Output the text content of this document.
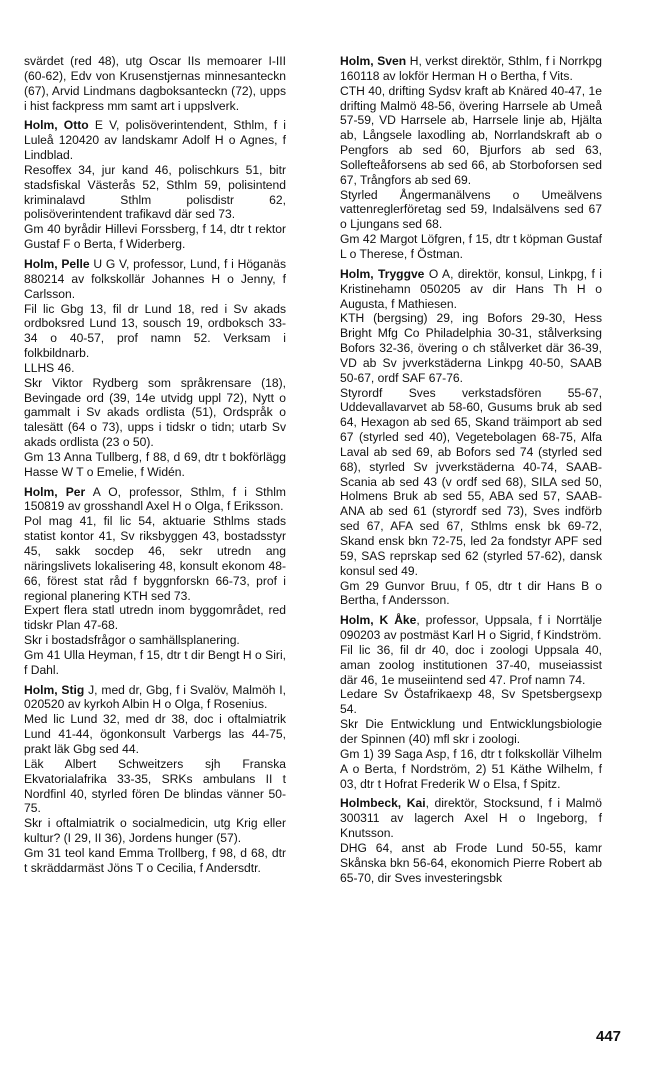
svärdet (red 48), utg Oscar IIs memoarer I-III (60-62), Edv von Krusenstjernas minnesanteckn (67), Arvid Lindmans dagboksanteckn (72), upps i hist fackpress mm samt art i uppslverk.
Holm, Otto E V, polisöverintendent, Sthlm, f i Luleå 120420 av landskamr Adolf H o Agnes, f Lindblad.
Resoffex 34, jur kand 46, polischkurs 51, bitr stadsfiskal Västerås 52, Sthlm 59, polisintend kriminalavd Sthlm polisdistr 62, polisöverintendent trafikavd där sed 73.
Gm 40 byrådir Hillevi Forssberg, f 14, dtr t rektor Gustaf F o Berta, f Widerberg.
Holm, Pelle U G V, professor, Lund, f i Höganäs 880214 av folkskollär Johannes H o Jenny, f Carlsson.
Fil lic Gbg 13, fil dr Lund 18, red i Sv akads ordboksred Lund 13, sousch 19, ordboksch 33-34 o 40-57, prof namn 52. Verksam i folkbildnarb.
LLHS 46.
Skr Viktor Rydberg som språkrensare (18), Bevingade ord (39, 14e utvidg uppl 72), Nytt o gammalt i Sv akads ordlista (51), Ordspråk o talesätt (64 o 73), upps i tidskr o tidn; utarb Sv akads ordlista (23 o 50).
Gm 13 Anna Tullberg, f 88, d 69, dtr t bokförlägg Hasse W T o Emelie, f Widén.
Holm, Per A O, professor, Sthlm, f i Sthlm 150819 av grosshandl Axel H o Olga, f Eriksson.
Pol mag 41, fil lic 54, aktuarie Sthlms stads statist kontor 41, Sv riksbyggen 43, bostadsstyr 45, sakk socdep 46, sekr utredn ang näringslivets lokalisering 48, konsult ekonom 48-66, förest stat råd f byggnforskn 66-73, prof i regional planering KTH sed 73.
Expert flera statl utredn inom byggområdet, red tidskr Plan 47-68.
Skr i bostadsfrågor o samhällsplanering.
Gm 41 Ulla Heyman, f 15, dtr t dir Bengt H o Siri, f Dahl.
Holm, Stig J, med dr, Gbg, f i Svalöv, Malmöh I, 020520 av kyrkoh Albin H o Olga, f Rosenius.
Med lic Lund 32, med dr 38, doc i oftalmiatrik Lund 41-44, ögonkonsult Varbergs las 44-75, prakt läk Gbg sed 44.
Läk Albert Schweitzers sjh Franska Ekvatorialafrika 33-35, SRKs ambulans II t Nordfinl 40, styrled fören De blindas vänner 50-75.
Skr i oftalmiatrik o socialmedicin, utg Krig eller kultur? (I 29, II 36), Jordens hunger (57).
Gm 31 teol kand Emma Trollberg, f 98, d 68, dtr t skräddarmäst Jöns T o Cecilia, f Andersdtr.
Holm, Sven H, verkst direktör, Sthlm, f i Norrkpg 160118 av lokför Herman H o Bertha, f Vits.
CTH 40, drifting Sydsv kraft ab Knäred 40-47, 1e drifting Malmö 48-56, övering Harrsele ab Umeå 57-59, VD Harrsele ab, Harrsele linje ab, Hjälta ab, Långsele laxodling ab, Norrlandskraft ab o Pengfors ab sed 60, Bjurfors ab sed 63, Sollefteåforsens ab sed 66, ab Storboforsen sed 67, Trångfors ab sed 69.
Styrled Ångermanälvens o Umeälvens vattenreglerföretag sed 59, Indalsälvens sed 67 o Ljungans sed 68.
Gm 42 Margot Löfgren, f 15, dtr t köpman Gustaf L o Therese, f Östman.
Holm, Tryggve O A, direktör, konsul, Linkpg, f i Kristinehamn 050205 av dir Hans Th H o Augusta, f Mathiesen.
KTH (bergsing) 29, ing Bofors 29-30, Hess Bright Mfg Co Philadelphia 30-31, stålverksing Bofors 32-36, övering o ch stålverket där 36-39, VD ab Sv jvverkstäderna Linkpg 40-50, SAAB 50-67, ordf SAF 67-76.
Styrordf Sves verkstadsfören 55-67, Uddevallavarvet ab 58-60, Gusums bruk ab sed 64, Hexagon ab sed 65, Skand träimport ab sed 67 (styrled sed 40), Vegetebolagen 68-75, Alfa Laval ab sed 69, ab Bofors sed 74 (styrled sed 68), styrled Sv jvverkstäderna 40-74, SAAB-Scania ab sed 43 (v ordf sed 68), SILA sed 50, Holmens Bruk ab sed 55, ABA sed 57, SAAB-ANA ab sed 61 (styrordf sed 73), Sves indförb sed 67, AFA sed 67, Sthlms ensk bk 69-72, Skand ensk bkn 72-75, led 2a fondstyr APF sed 59, SAS reprskap sed 62 (styrled 57-62), dansk konsul sed 49.
Gm 29 Gunvor Bruu, f 05, dtr t dir Hans B o Bertha, f Andersson.
Holm, K Åke, professor, Uppsala, f i Norrtälje 090203 av postmäst Karl H o Sigrid, f Kindström.
Fil lic 36, fil dr 40, doc i zoologi Uppsala 40, aman zoolog institutionen 37-40, museiassist där 46, 1e museiintend sed 47. Prof namn 74.
Ledare Sv Östafrikaexp 48, Sv Spetsbergsexp 54.
Skr Die Entwicklung und Entwicklungsbiologie der Spinnen (40) mfl skr i zoologi.
Gm 1) 39 Saga Asp, f 16, dtr t folkskollär Vilhelm A o Berta, f Nordström, 2) 51 Käthe Wilhelm, f 03, dtr t Hofrat Frederik W o Elsa, f Spitz.
Holmbeck, Kai, direktör, Stocksund, f i Malmö 300311 av lagerch Axel H o Ingeborg, f Knutsson.
DHG 64, anst ab Frode Lund 50-55, kamr Skånska bkn 56-64, ekonomich Pierre Robert ab 65-70, dir Sves investeringsbk
447
